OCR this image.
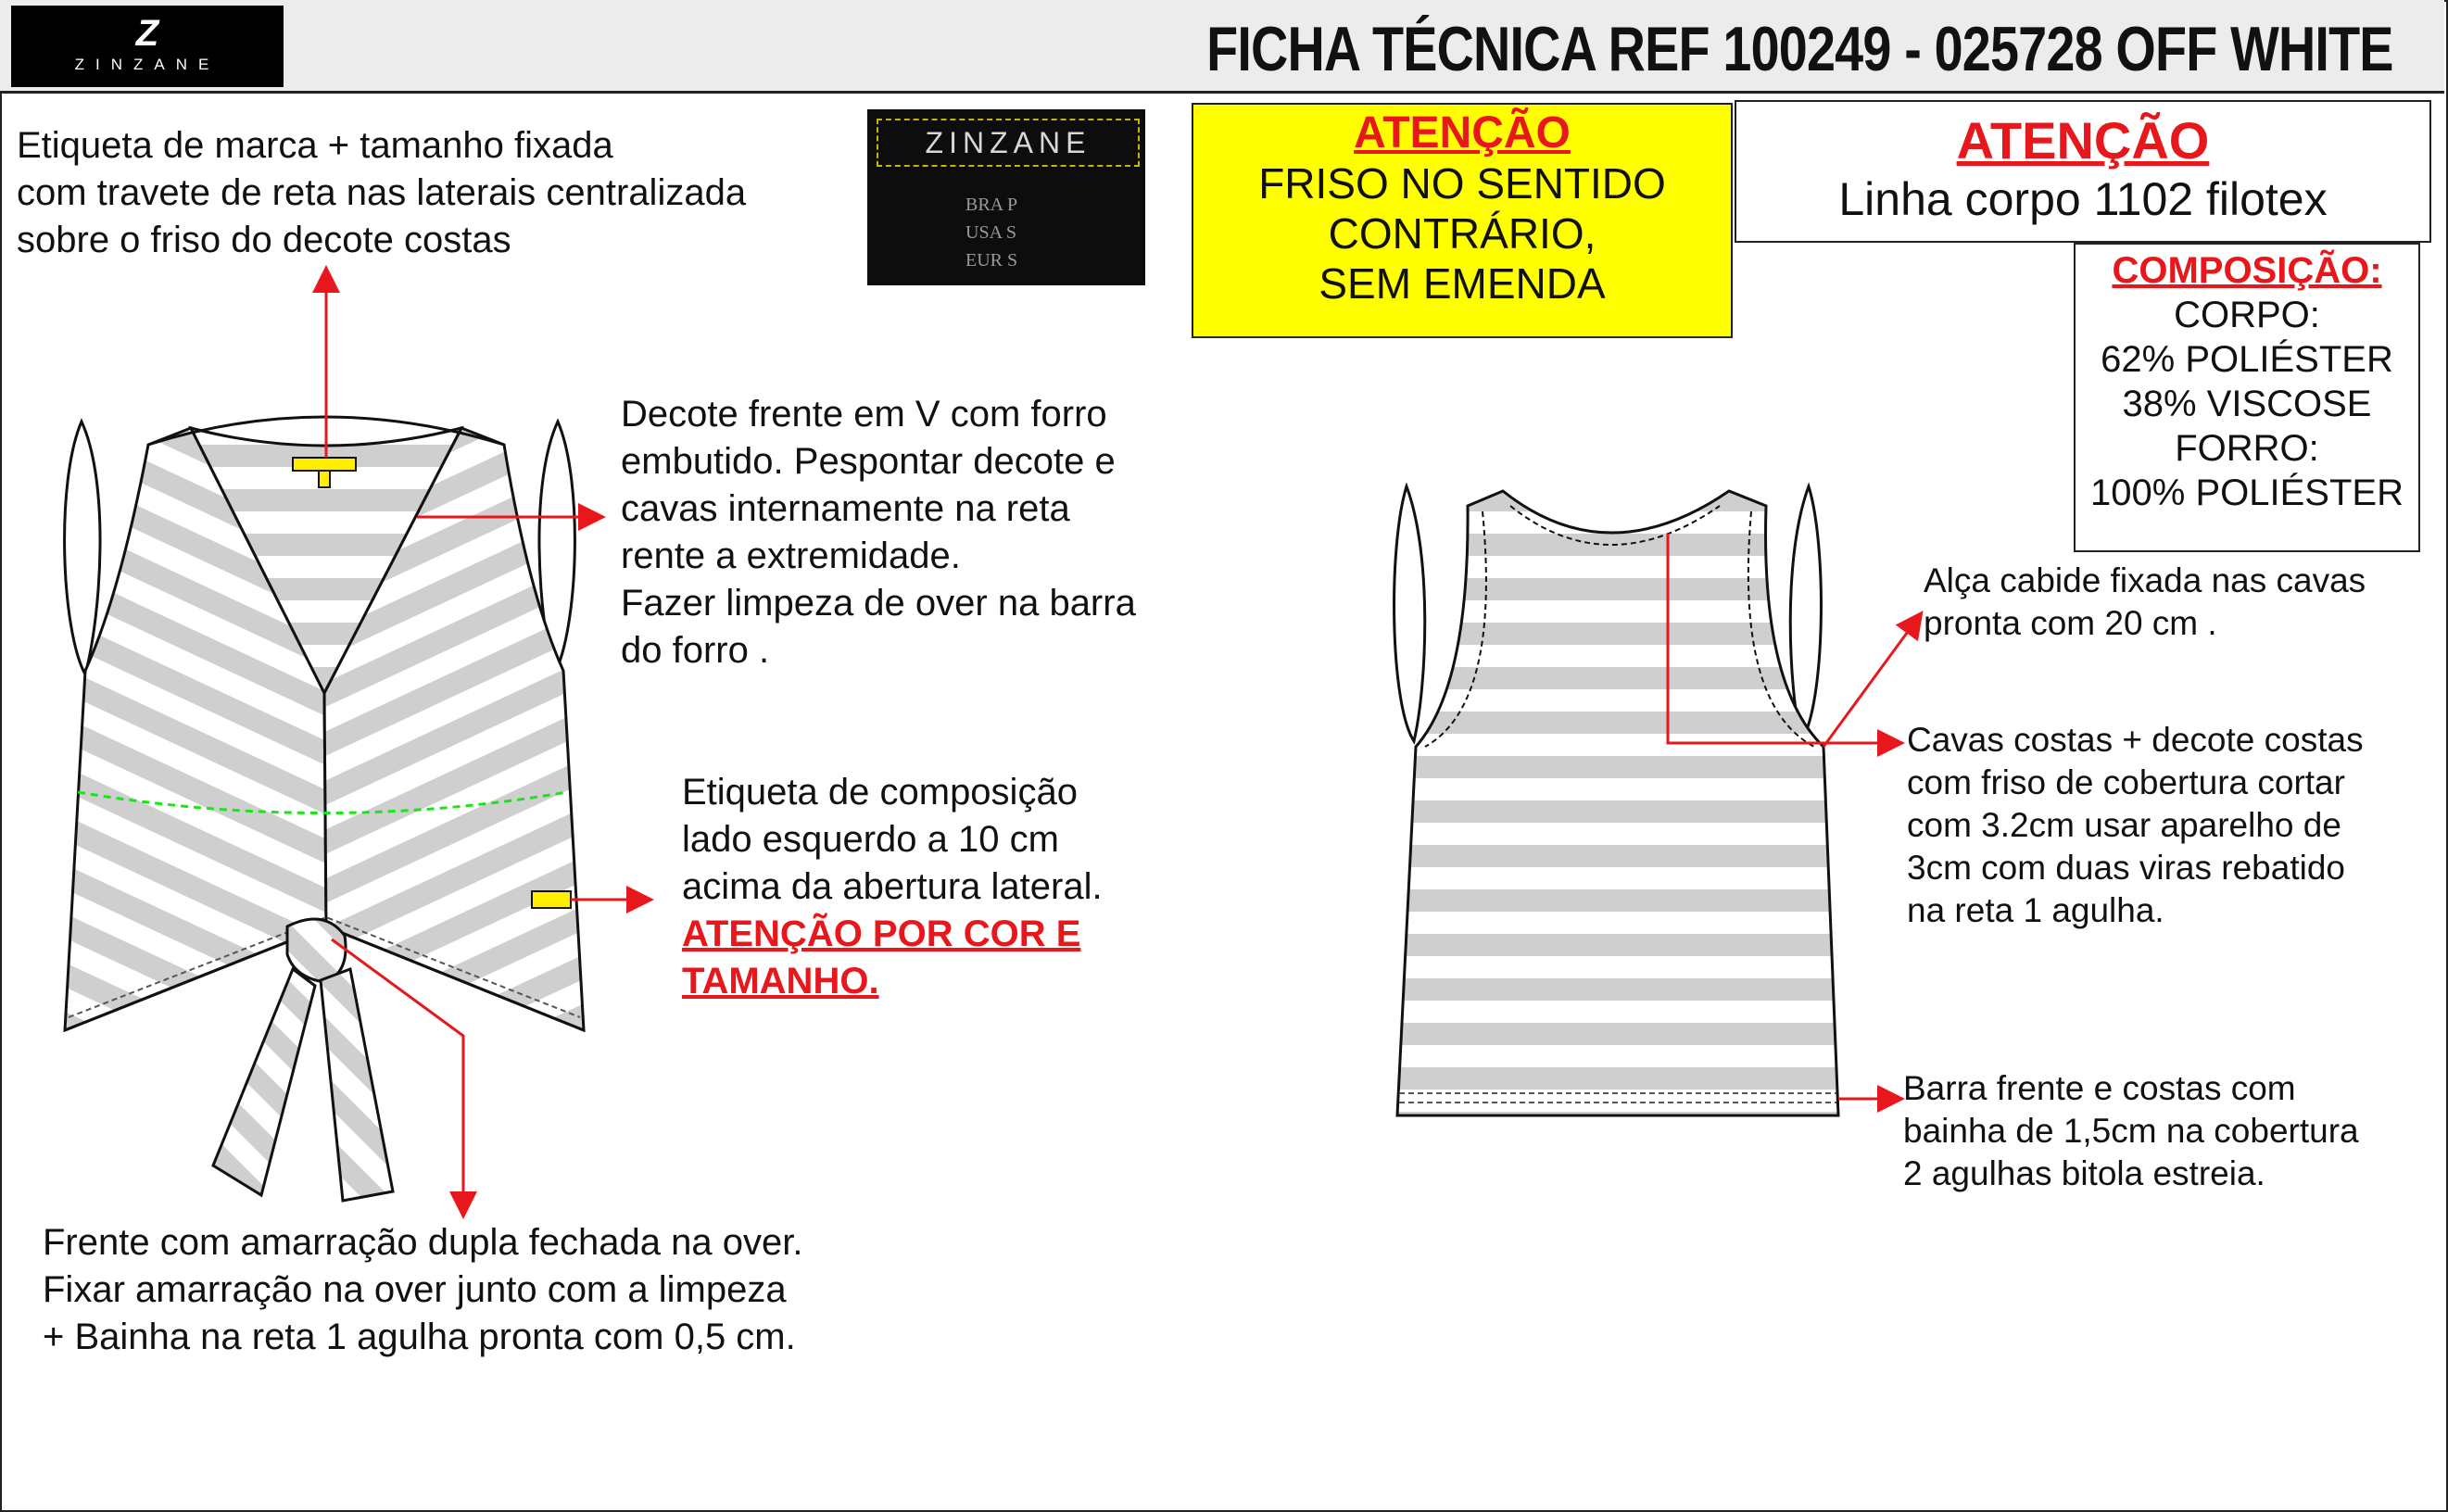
Z
ZINZANE	FICHA TÉCNICA REF 100249 - 025728 OFF WHITE
ZINZANE
BRA P
USA S
EUR S
ATENÇÃO
FRISO NO SENTIDO
CONTRÁRIO,
SEM EMENDA
ATENÇÃO
Linha corpo 1102 filotex
COMPOSIÇÃO:
CORPO:
62% POLIÉSTER
38% VISCOSE
FORRO:
100% POLIÉSTER
Etiqueta de marca + tamanho fixada
com travete de reta nas laterais centralizada
sobre o friso do decote costas
Decote frente em V com forro
embutido. Pespontar decote e
cavas internamente na reta
rente a extremidade.
Fazer limpeza de over na barra
do forro .
Etiqueta de composição
lado esquerdo a 10 cm
acima da abertura lateral.
ATENÇÃO POR COR E
TAMANHO.
Frente com amarração dupla fechada na over.
Fixar amarração na over junto com a limpeza
+ Bainha na reta 1 agulha pronta com 0,5 cm.
Alça cabide fixada nas cavas
pronta com 20 cm .
Cavas costas + decote costas
com friso de cobertura cortar
com 3.2cm usar aparelho de
3cm com duas viras rebatido
na reta 1 agulha.
Barra frente e costas com
bainha de 1,5cm na cobertura
2 agulhas bitola estreia.
